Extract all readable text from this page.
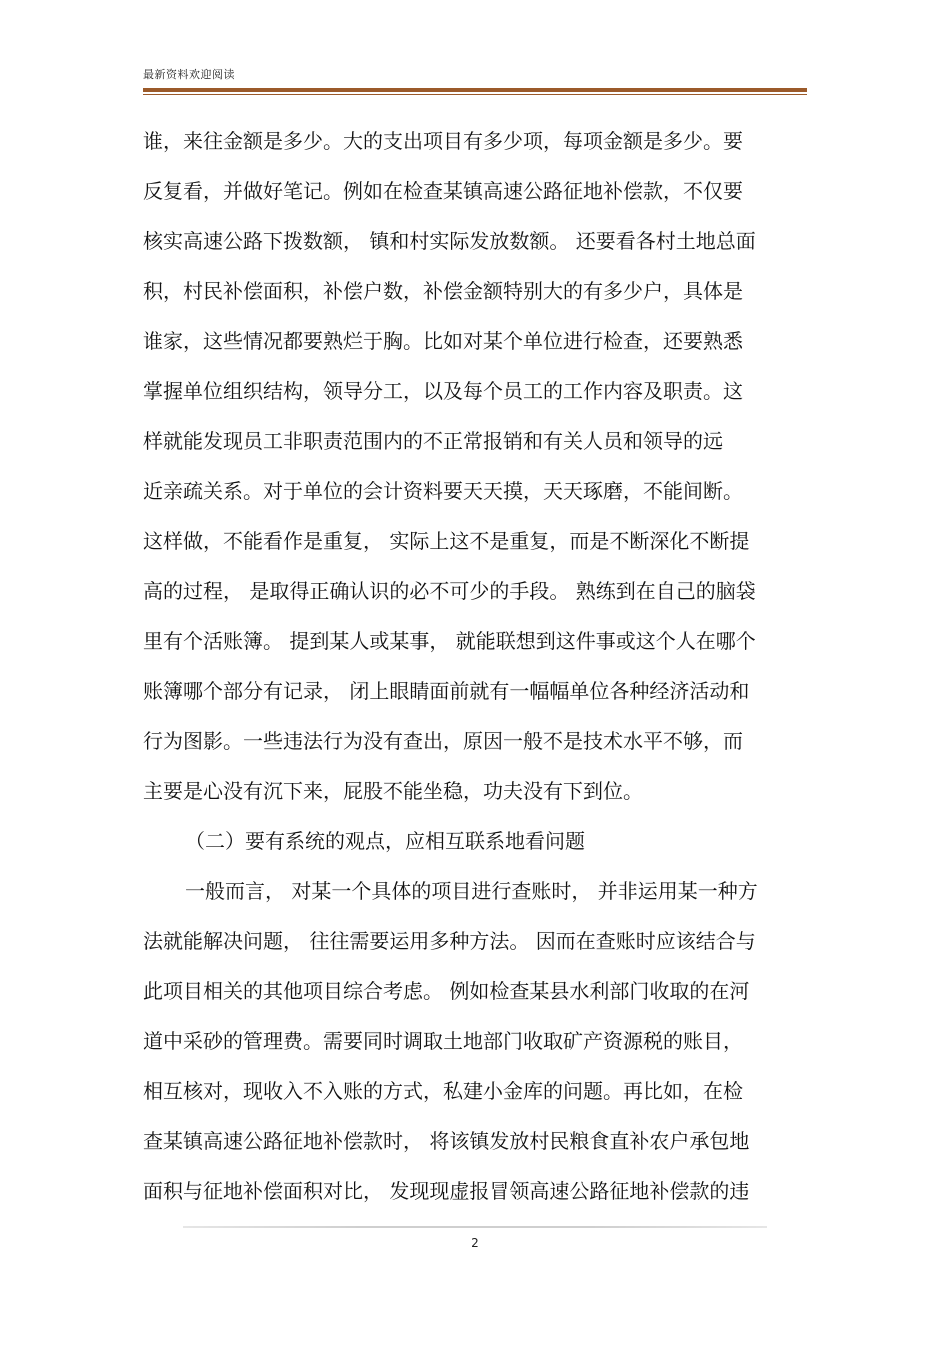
最新资料欢迎阅读
谁，来往金额是多少。大的支出项目有多少项，每项金额是多少。要
反复看，并做好笔记。例如在检查某镇高速公路征地补偿款，不仅要
核实高速公路下拨数额， 镇和村实际发放数额。 还要看各村土地总面
积，村民补偿面积，补偿户数，补偿金额特别大的有多少户，具体是
谁家，这些情况都要熟烂于胸。比如对某个单位进行检查，还要熟悉
掌握单位组织结构，领导分工，以及每个员工的工作内容及职责。这
样就能发现员工非职责范围内的不正常报销和有关人员和领导的远
近亲疏关系。对于单位的会计资料要天天摸，天天琢磨，不能间断。
这样做，不能看作是重复， 实际上这不是重复，而是不断深化不断提
高的过程， 是取得正确认识的必不可少的手段。 熟练到在自己的脑袋
里有个活账簿。 提到某人或某事， 就能联想到这件事或这个人在哪个
账簿哪个部分有记录， 闭上眼睛面前就有一幅幅单位各种经济活动和
行为图影。一些违法行为没有查出，原因一般不是技术水平不够，而
主要是心没有沉下来，屁股不能坐稳，功夫没有下到位。
（二）要有系统的观点，应相互联系地看问题
一般而言， 对某一个具体的项目进行查账时， 并非运用某一种方
法就能解决问题， 往往需要运用多种方法。 因而在查账时应该结合与
此项目相关的其他项目综合考虑。 例如检查某县水利部门收取的在河
道中采砂的管理费。需要同时调取土地部门收取矿产资源税的账目，
相互核对，现收入不入账的方式，私建小金库的问题。再比如，在检
查某镇高速公路征地补偿款时， 将该镇发放村民粮食直补农户承包地
面积与征地补偿面积对比， 发现现虚报冒领高速公路征地补偿款的违
2
